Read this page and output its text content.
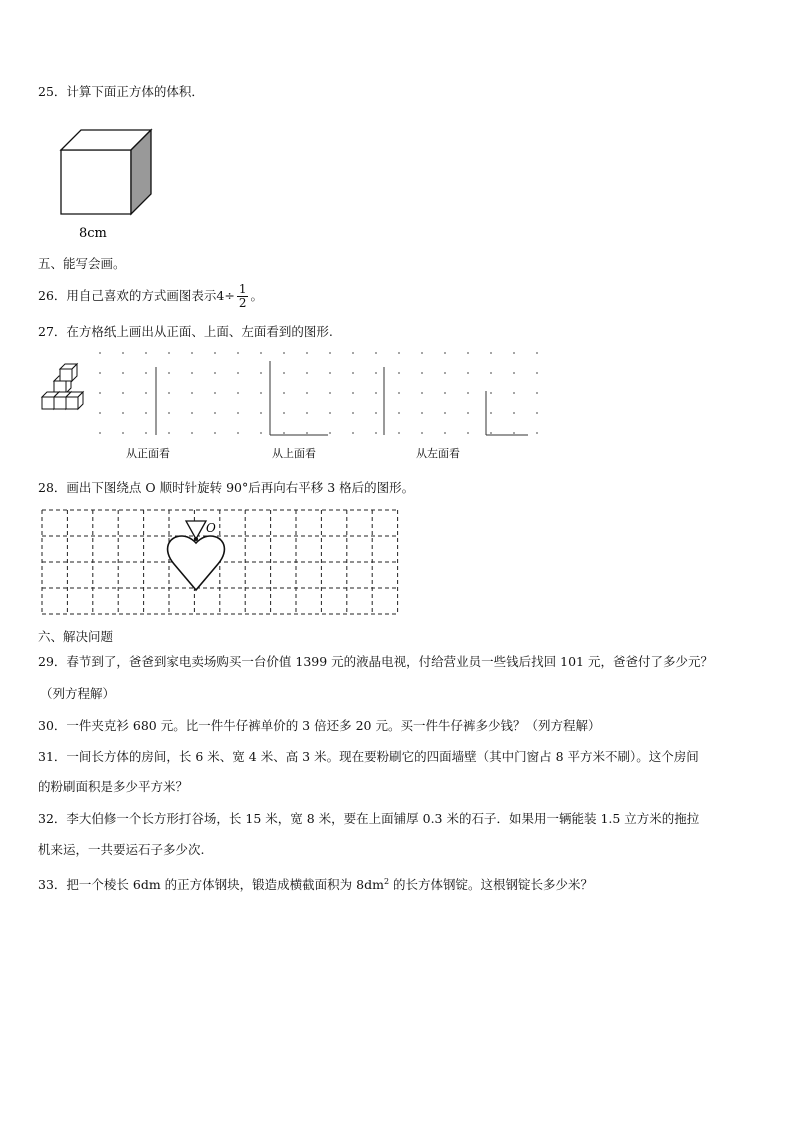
25．计算下面正方体的体积．
8cm
五、能写会画。
26．用自己喜欢的方式画图表示$4\div \frac{1}{2}$ 。
27．在方格纸上画出从正面、上面、左面看到的图形.
从正面看	从上面看	从左面看
28．画出下图绕点 O 顺时针旋转 90°后再向右平移 3 格后的图形。
O
六、解决问题
29．春节到了，爸爸到家电卖场购买一台价值 1399 元的液晶电视，付给营业员一些钱后找回 101 元，爸爸付了多少元？
（列方程解）
30．一件夹克衫 680 元。比一件牛仔裤单价的 3 倍还多 20 元。买一件牛仔裤多少钱？（列方程解）
31．一间长方体的房间，长 6 米、宽 4 米、高 3 米。现在要粉刷它的四面墙壁（其中门窗占 8 平方米不刷）。这个房间
的粉刷面积是多少平方米？
32．李大伯修一个长方形打谷场，长 15 米，宽 8 米，要在上面铺厚 0.3 米的石子．如果用一辆能装 1.5 立方米的拖拉
机来运，一共要运石子多少次.
33．把一个棱长 6dm 的正方体钢块，锻造成横截面积为 $8dm^2$ 的长方体钢锭。这根钢锭长多少米？
